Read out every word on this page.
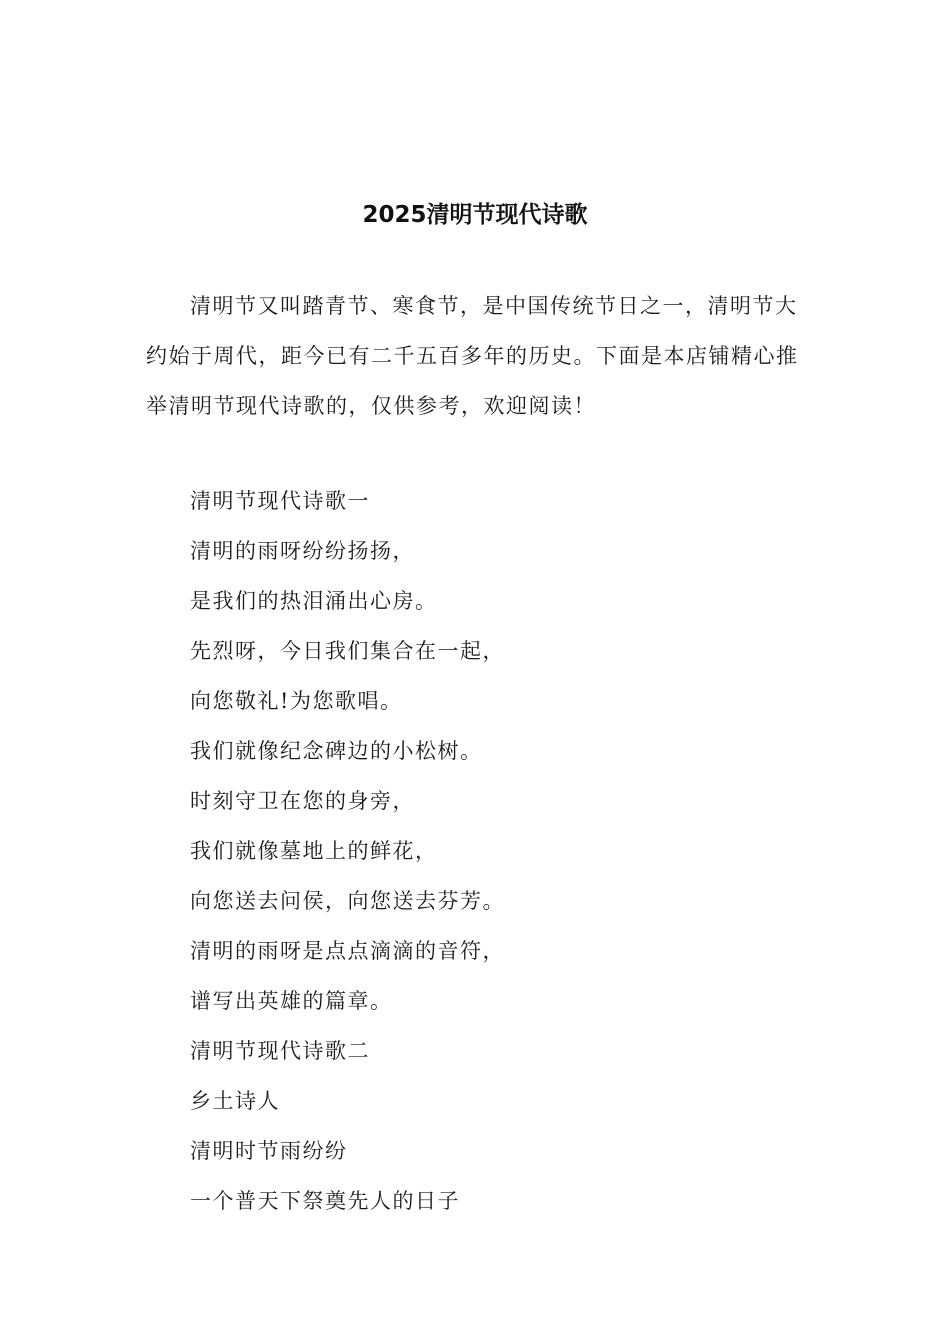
2025清明节现代诗歌

清明节又叫踏青节、寒食节，是中国传统节日之一，清明节大约始于周代，距今已有二千五百多年的历史。下面是本店铺精心推举清明节现代诗歌的，仅供参考，欢迎阅读！

清明节现代诗歌一
清明的雨呀纷纷扬扬，
是我们的热泪涌出心房。
先烈呀，今日我们集合在一起，
向您敬礼!为您歌唱。
我们就像纪念碑边的小松树。
时刻守卫在您的身旁，
我们就像墓地上的鲜花，
向您送去问侯，向您送去芬芳。
清明的雨呀是点点滴滴的音符，
谱写出英雄的篇章。
清明节现代诗歌二
乡土诗人
清明时节雨纷纷
一个普天下祭奠先人的日子
